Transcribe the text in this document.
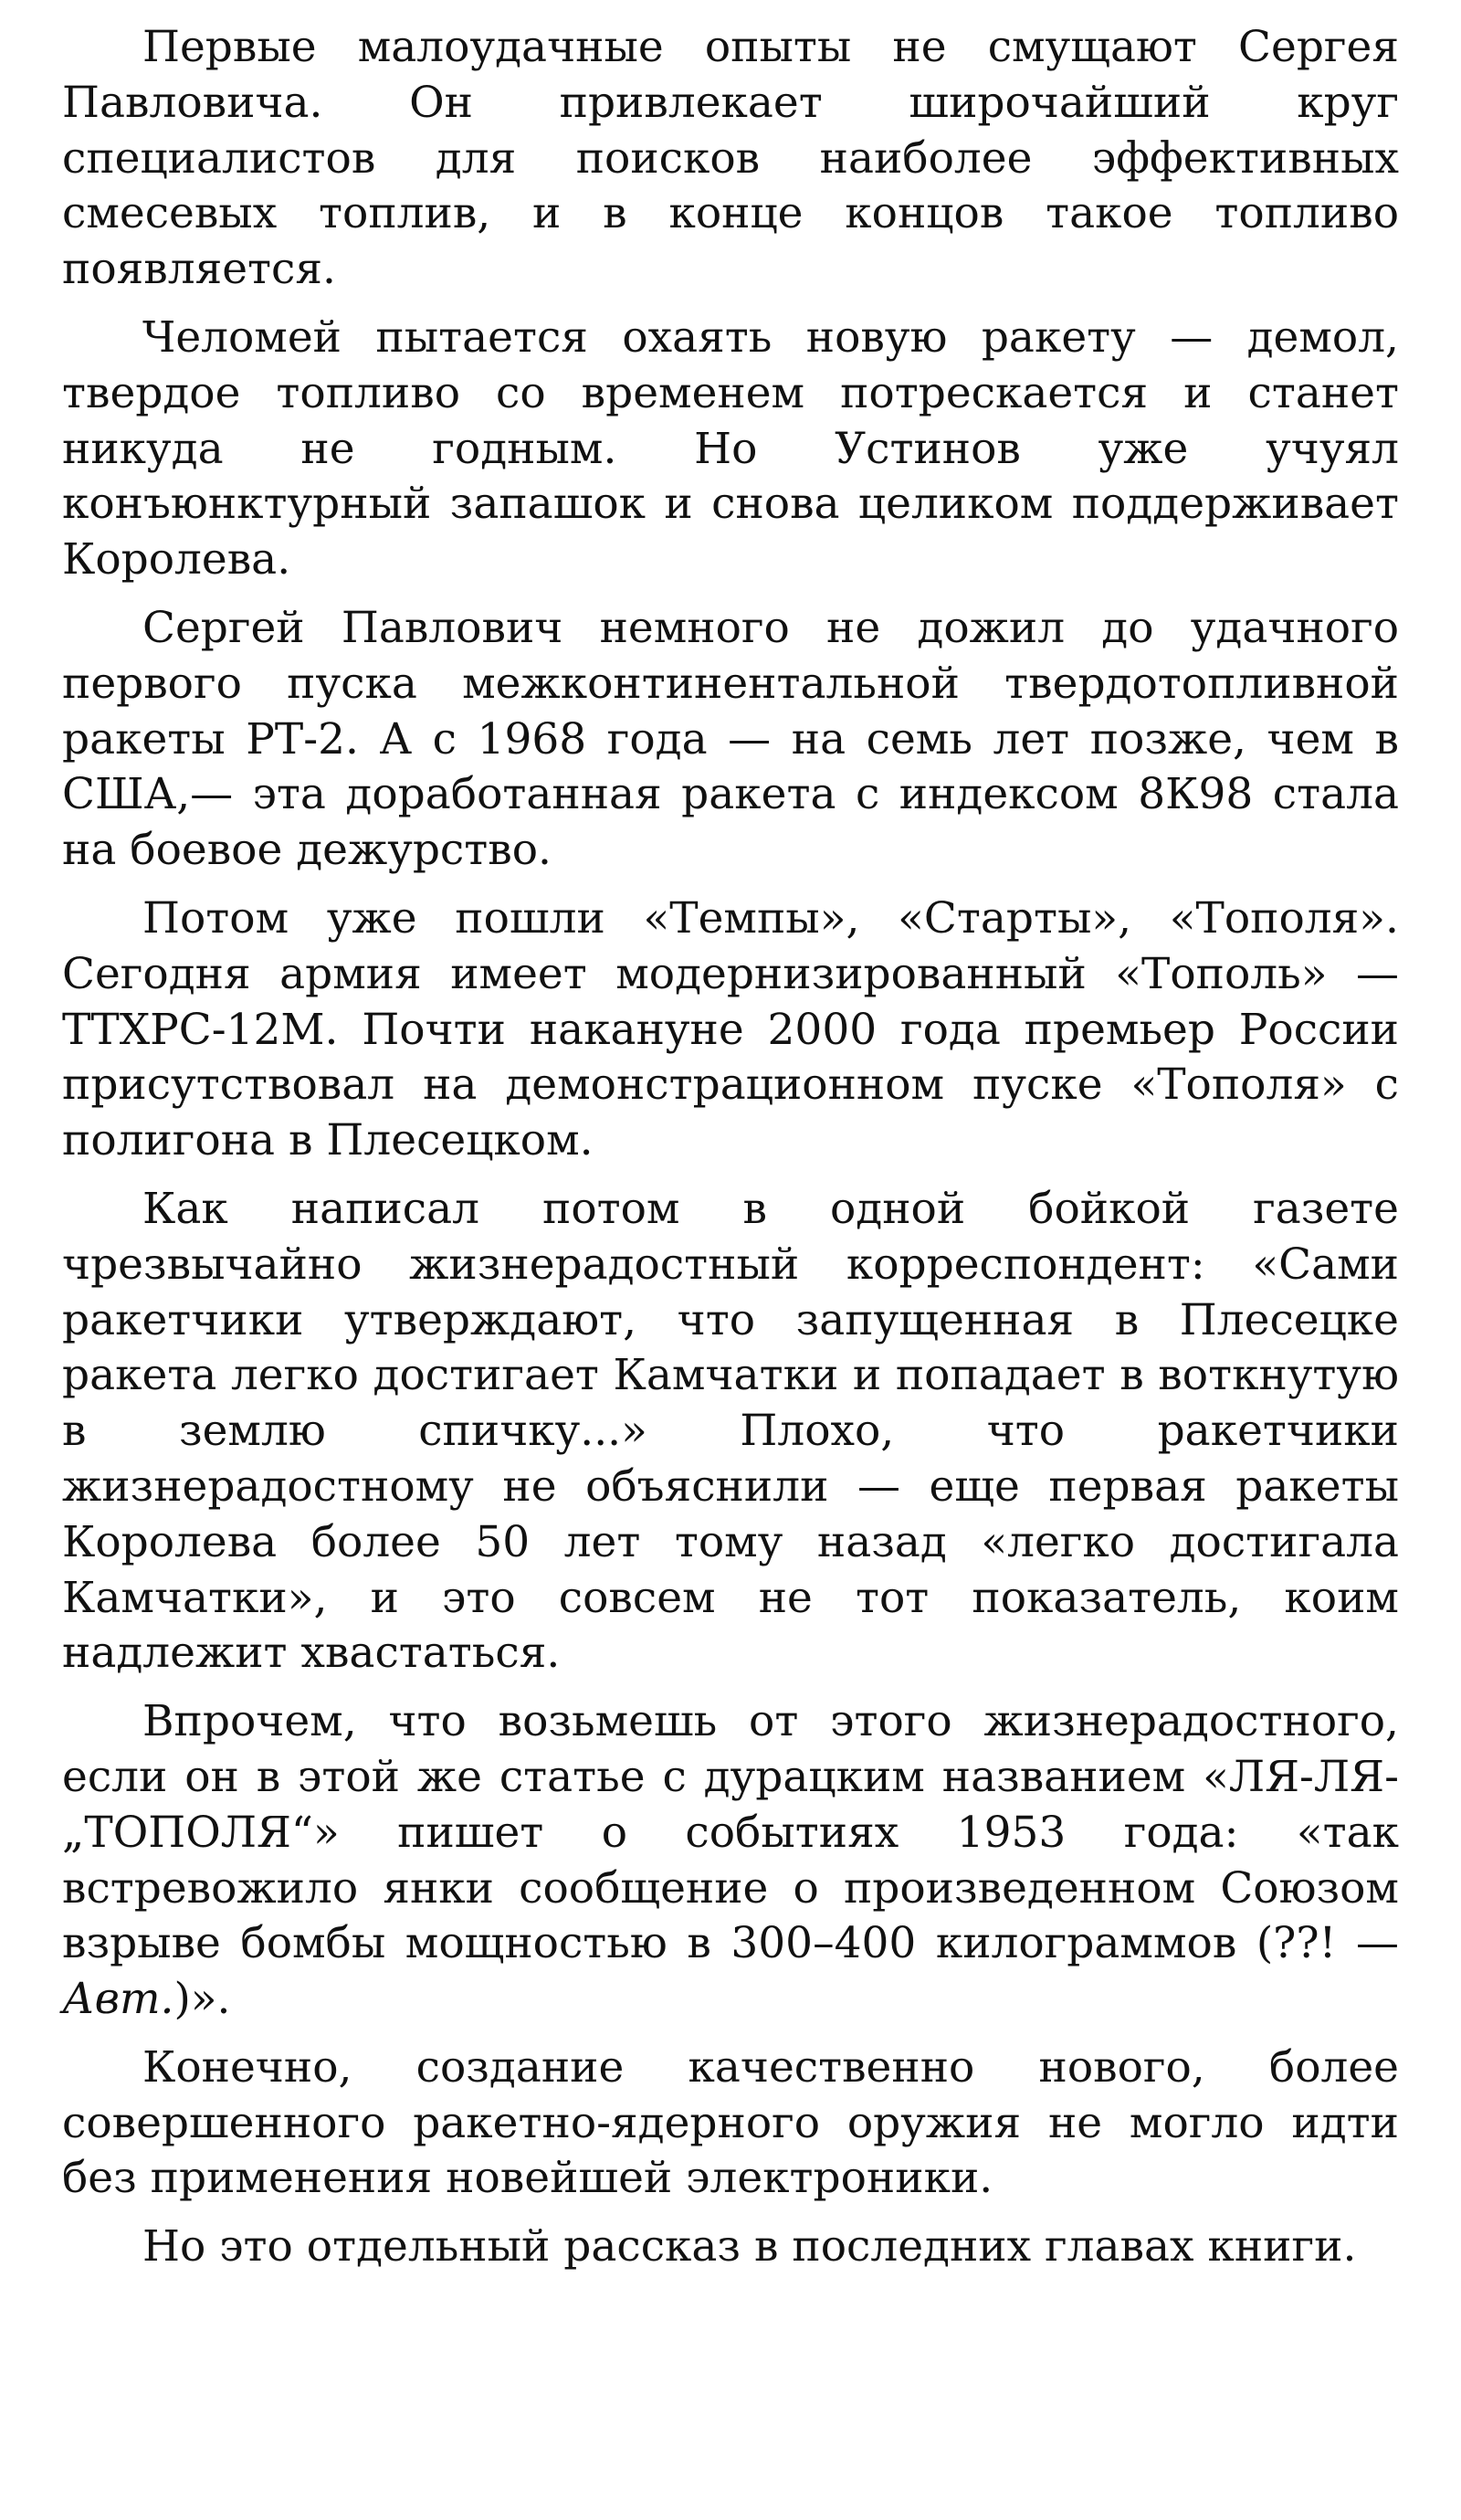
Первые малоудачные опыты не смущают Сергея Павловича. Он привлекает широчайший круг специалистов для поисков наиболее эффективных смесевых топлив, и в конце концов такое топливо появляется.

Челомей пытается охаять новую ракету — демол, твердое топливо со временем потрескается и станет никуда не годным. Но Устинов уже учуял конъюнктурный запашок и снова целиком поддерживает Королева.

Сергей Павлович немного не дожил до удачного первого пуска межконтинентальной твердотопливной ракеты РТ-2. А с 1968 года — на семь лет позже, чем в США,— эта доработанная ракета с индексом 8К98 стала на боевое дежурство.

Потом уже пошли «Темпы», «Старты», «Тополя». Сегодня армия имеет модернизированный «Тополь» — ТТХРС-12М. Почти накануне 2000 года премьер России присутствовал на демонстрационном пуске «Тополя» с полигона в Плесецком.

Как написал потом в одной бойкой газете чрезвычайно жизнерадостный корреспондент: «Сами ракетчики утверждают, что запущенная в Плесецке ракета легко достигает Камчатки и попадает в воткнутую в землю спичку...» Плохо, что ракетчики жизнерадостному не объяснили — еще первая ракеты Королева более 50 лет тому назад «легко достигала Камчатки», и это совсем не тот показатель, коим надлежит хвастаться.

Впрочем, что возьмешь от этого жизнерадостного, если он в этой же статье с дурацким названием «ЛЯ-ЛЯ-„ТОПОЛЯ“» пишет о событиях 1953 года: «так встревожило янки сообщение о произведенном Союзом взрыве бомбы мощностью в 300–400 килограммов (??! — Авт.)».

Конечно, создание качественно нового, более совершенного ракетно-ядерного оружия не могло идти без применения новейшей электроники.

Но это отдельный рассказ в последних главах книги.
